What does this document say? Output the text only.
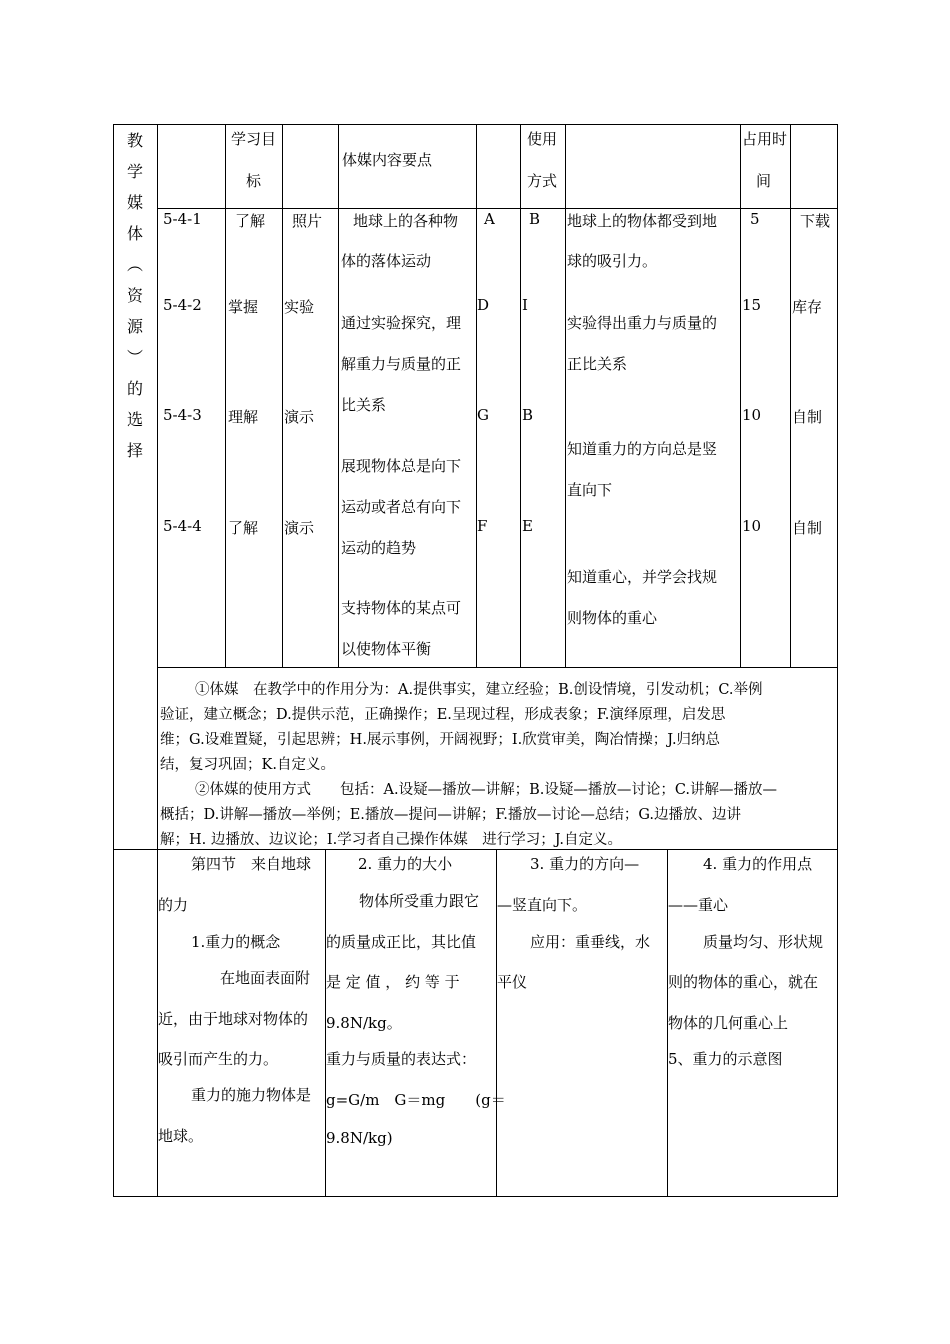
教
学
媒
体
︵
资
源
︶
的
选
择
学习目
标
体媒内容要点
使用
方式
占用时
间
5-4-1 了解 照片 地球上的各种物
体的落体运动
A B 地球上的物体都受到地
球的吸引力。
5	下载
5-4-2 掌握 实验
通过实验探究，理
解重力与质量的正
比关系
D I
实验得出重力与质量的
正比关系
15 库存
5-4-3 理解 演示
展现物体总是向下
运动或者总有向下
运动的趋势
G B
知道重力的方向总是竖
直向下
10 自制
5-4-4 了解 演示
支持物体的某点可
以使物体平衡
F E
知道重心，并学会找规
则物体的重心
10 自制
①体媒　在教学中的作用分为：A.提供事实，建立经验；B.创设情境，引发动机；C.举例
验证，建立概念；D.提供示范，正确操作；E.呈现过程，形成表象；F.演绎原理，启发思
维；G.设难置疑，引起思辨；H.展示事例，开阔视野；I.欣赏审美，陶冶情操；J.归纳总
结，复习巩固；K.自定义。
②体媒的使用方式　　包括：A.设疑—播放—讲解；B.设疑—播放—讨论；C.讲解—播放—
概括；D.讲解—播放—举例；E.播放—提问—讲解；F.播放—讨论—总结；G.边播放、边讲
解；H. 边播放、边议论；I.学习者自己操作体媒　进行学习；J.自定义。
第四节　来自地球
的力
1.重力的概念
在地面表面附
近，由于地球对物体的
吸引而产生的力。
重力的施力物体是
地球。
2. 重力的大小
物体所受重力跟它
的质量成正比，其比值
是 定 值 ， 约 等 于
9.8N/kg。
重力与质量的表达式：
g=G/m　G＝mg　　(g＝
9.8N/kg)
3. 重力的方向—
—竖直向下。
应用：重垂线，水
平仪
4. 重力的作用点
——重心
质量均匀、形状规
则的物体的重心，就在
物体的几何重心上
5、重力的示意图
